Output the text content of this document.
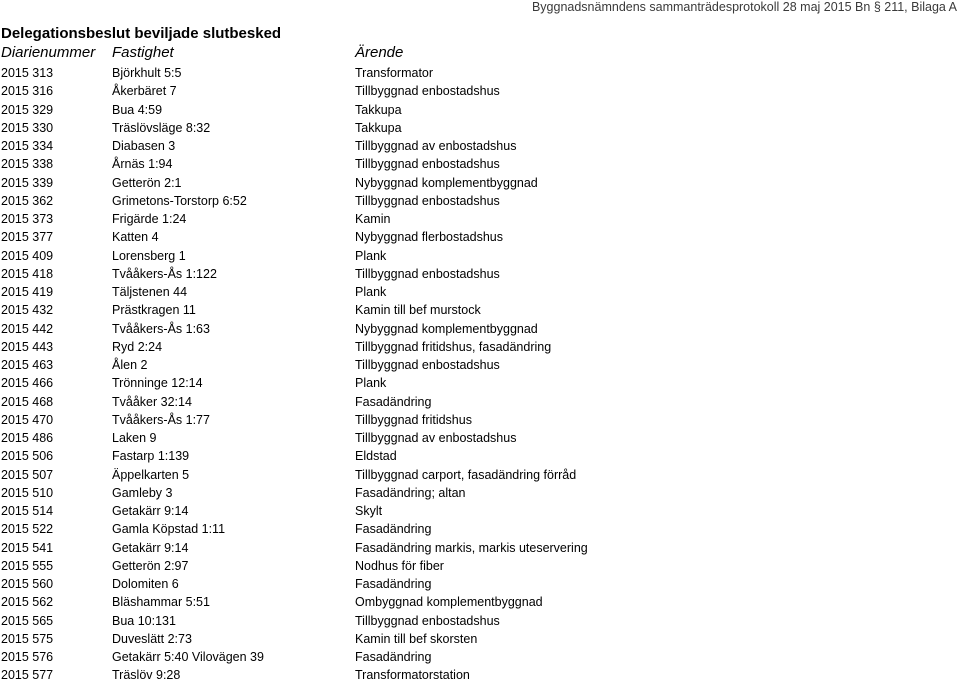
Byggnadsnämndens sammanträdesprotokoll 28 maj 2015 Bn § 211, Bilaga A
Delegationsbeslut beviljade slutbesked
Diarienummer Fastighet	Ärende
2015 313	Björkhult 5:5	Transformator
2015 316	Åkerbäret 7	Tillbyggnad enbostadshus
2015 329	Bua 4:59	Takkupa
2015 330	Träslövsläge 8:32	Takkupa
2015 334	Diabasen 3	Tillbyggnad av enbostadshus
2015 338	Årnäs 1:94	Tillbyggnad enbostadshus
2015 339	Getterön 2:1	Nybyggnad komplementbyggnad
2015 362	Grimetons-Torstorp 6:52	Tillbyggnad enbostadshus
2015 373	Frigärde 1:24	Kamin
2015 377	Katten 4	Nybyggnad flerbostadshus
2015 409	Lorensberg 1	Plank
2015 418	Tvååkers-Ås 1:122	Tillbyggnad enbostadshus
2015 419	Täljstenen 44	Plank
2015 432	Prästkragen 11	Kamin till bef murstock
2015 442	Tvååkers-Ås 1:63	Nybyggnad komplementbyggnad
2015 443	Ryd 2:24	Tillbyggnad fritidshus, fasadändring
2015 463	Ålen 2	Tillbyggnad enbostadshus
2015 466	Trönninge 12:14	Plank
2015 468	Tvååker 32:14	Fasadändring
2015 470	Tvååkers-Ås 1:77	Tillbyggnad fritidshus
2015 486	Laken 9	Tillbyggnad av enbostadshus
2015 506	Fastarp 1:139	Eldstad
2015 507	Äppelkarten 5	Tillbyggnad carport, fasadändring förråd
2015 510	Gamleby 3	Fasadändring; altan
2015 514	Getakärr 9:14	Skylt
2015 522	Gamla Köpstad 1:11	Fasadändring
2015 541	Getakärr 9:14	Fasadändring markis, markis uteservering
2015 555	Getterön 2:97	Nodhus för fiber
2015 560	Dolomiten 6	Fasadändring
2015 562	Bläshammar 5:51	Ombyggnad komplementbyggnad
2015 565	Bua 10:131	Tillbyggnad enbostadshus
2015 575	Duveslätt 2:73	Kamin till bef skorsten
2015 576	Getakärr 5:40 Vilovägen 39	Fasadändring
2015 577	Träslöv 9:28	Transformatorstation
